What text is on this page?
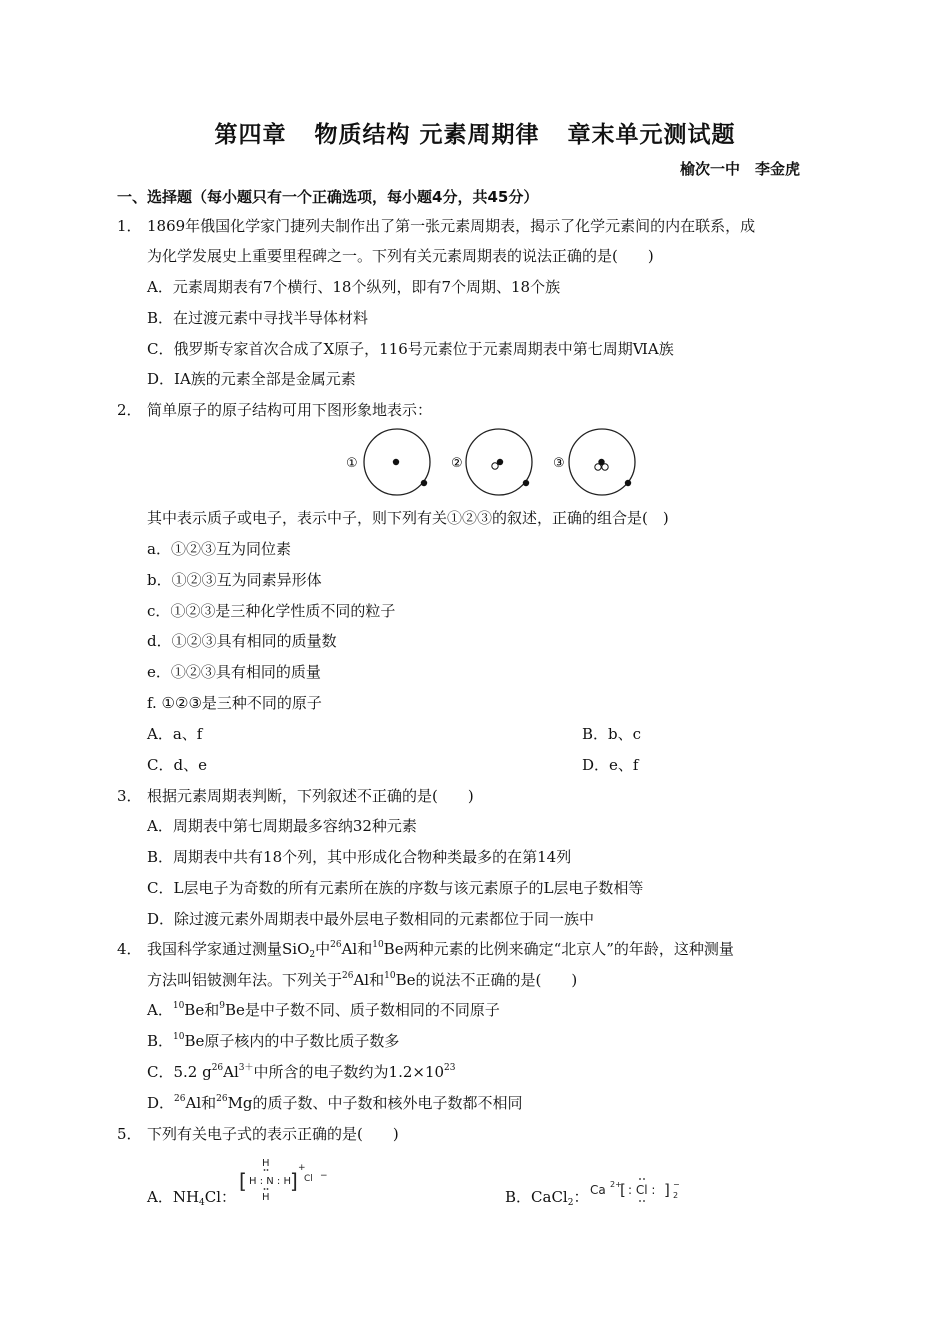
第四章 物质结构 元素周期律 章末单元测试题
榆次一中　李金虎
一、选择题（每小题只有一个正确选项，每小题4分，共45分）
1． 1869年俄国化学家门捷列夫制作出了第一张元素周期表，揭示了化学元素间的内在联系，成
为化学发展史上重要里程碑之一。下列有关元素周期表的说法正确的是(　　)
A．元素周期表有7个横行、18个纵列，即有7个周期、18个族
B．在过渡元素中寻找半导体材料
C．俄罗斯专家首次合成了X原子，116号元素位于元素周期表中第七周期ⅥA族
D．ⅠA族的元素全部是金属元素
2． 简单原子的原子结构可用下图形象地表示：
①	②	③
其中表示质子或电子，表示中子，则下列有关①②③的叙述，正确的组合是(　)
a．①②③互为同位素
b．①②③互为同素异形体
c．①②③是三种化学性质不同的粒子
d．①②③具有相同的质量数
e．①②③具有相同的质量
f. ①②③是三种不同的原子
A．a、f	B．b、c
C．d、e	D．e、f
3． 根据元素周期表判断，下列叙述不正确的是(　　)
A．周期表中第七周期最多容纳32种元素
B．周期表中共有18个列，其中形成化合物种类最多的在第14列
C．L层电子为奇数的所有元素所在族的序数与该元素原子的L层电子数相等
D．除过渡元素外周期表中最外层电子数相同的元素都位于同一族中
4． 我国科学家通过测量SiO$_2$中$^{26}$Al和$^{10}$Be两种元素的比例来确定“北京人”的年龄，这种测量
方法叫铝铍测年法。下列关于$^{26}$Al和$^{10}$Be的说法不正确的是(　　)
A．$^{10}$Be和$^9$Be是中子数不同、质子数相同的不同原子
B．$^{10}$Be原子核内的中子数比质子数多
C．5.2 $g^{26}Al^{3+}$中所含的电子数约为$1.2\times 10^{23}$
D．$^{26}$Al和$^{26}$Mg的质子数、中子数和核外电子数都不相同
5． 下列有关电子式的表示正确的是(　　)
A．$NH_4Cl$：
[
H
H : N : H
H
]
+
Cl −
B．CaCl$_2$： Ca 2+
[ : Cl : ] −
2
